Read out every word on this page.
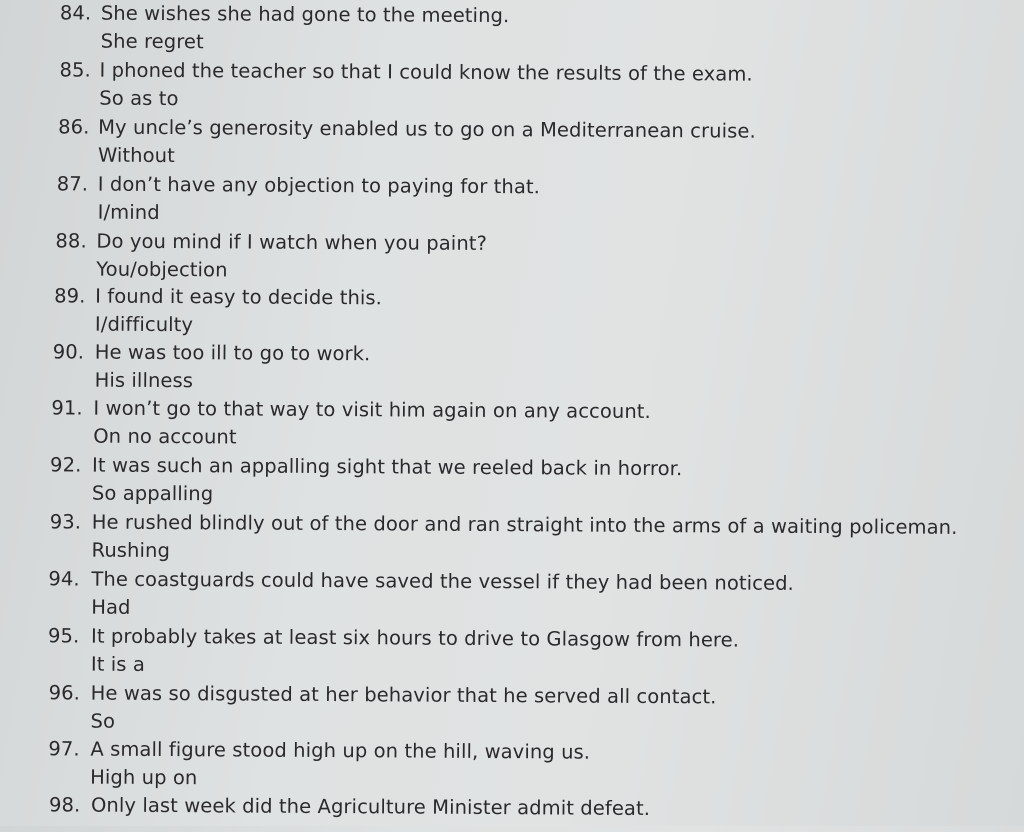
84. She wishes she had gone to the meeting.
She regret
85. I phoned the teacher so that I could know the results of the exam.
So as to
86. My uncle’s generosity enabled us to go on a Mediterranean cruise.
Without
87. I don’t have any objection to paying for that.
I/mind
88. Do you mind if I watch when you paint?
You/objection
89. I found it easy to decide this.
I/difficulty
90. He was too ill to go to work.
His illness
91. I won’t go to that way to visit him again on any account.
On no account
92. It was such an appalling sight that we reeled back in horror.
So appalling
93. He rushed blindly out of the door and ran straight into the arms of a waiting policeman.
Rushing
94. The coastguards could have saved the vessel if they had been noticed.
Had
95. It probably takes at least six hours to drive to Glasgow from here.
It is a
96. He was so disgusted at her behavior that he served all contact.
So
97. A small figure stood high up on the hill, waving us.
High up on
98. Only last week did the Agriculture Minister admit defeat.
